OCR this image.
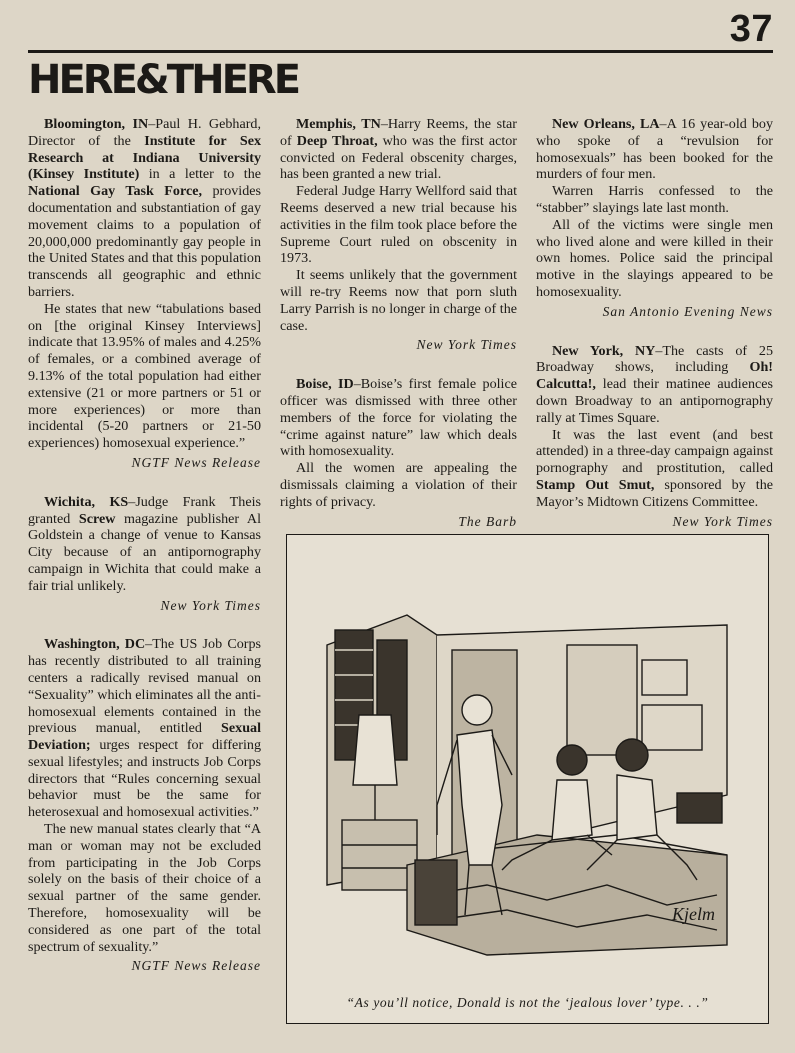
37
HERE&THERE

Bloomington, IN–Paul H. Gebhard, Director of the Institute for Sex Research at Indiana University (Kinsey Institute) in a letter to the National Gay Task Force, provides documentation and substantiation of gay movement claims to a population of 20,000,000 predominantly gay people in the United States and that this population transcends all geographic and ethnic barriers.

He states that new “tabulations based on [the original Kinsey Interviews] indicate that 13.95% of males and 4.25% of females, or a combined average of 9.13% of the total population had either extensive (21 or more partners or 51 or more experiences) or more than incidental (5-20 partners or 21-50 experiences) homosexual experience.”

NGTF News Release

Wichita, KS–Judge Frank Theis granted Screw magazine publisher Al Goldstein a change of venue to Kansas City because of an antipornography campaign in Wichita that could make a fair trial unlikely.

New York Times

Washington, DC–The US Job Corps has recently distributed to all training centers a radically revised manual on “Sexuality” which eliminates all the anti-homosexual elements contained in the previous manual, entitled Sexual Deviation; urges respect for differing sexual lifestyles; and instructs Job Corps directors that “Rules concerning sexual behavior must be the same for heterosexual and homosexual activities.”

The new manual states clearly that “A man or woman may not be excluded from participating in the Job Corps solely on the basis of their choice of a sexual partner of the same gender. Therefore, homosexuality will be considered as one part of the total spectrum of sexuality.”

NGTF News Release

Memphis, TN–Harry Reems, the star of Deep Throat, who was the first actor convicted on Federal obscenity charges, has been granted a new trial.

Federal Judge Harry Wellford said that Reems deserved a new trial because his activities in the film took place before the Supreme Court ruled on obscenity in 1973.

It seems unlikely that the government will re-try Reems now that porn sluth Larry Parrish is no longer in charge of the case.

New York Times

Boise, ID–Boise’s first female police officer was dismissed with three other members of the force for violating the “crime against nature” law which deals with homosexuality.

All the women are appealing the dismissals claiming a violation of their rights of privacy.

The Barb

New Orleans, LA–A 16 year-old boy who spoke of a “revulsion for homosexuals” has been booked for the murders of four men.

Warren Harris confessed to the “stabber” slayings late last month.

All of the victims were single men who lived alone and were killed in their own homes. Police said the principal motive in the slayings appeared to be homosexuality.

San Antonio Evening News

New York, NY–The casts of 25 Broadway shows, including Oh! Calcutta!, lead their matinee audiences down Broadway to an antipornography rally at Times Square.

It was the last event (and best attended) in a three-day campaign against pornography and prostitution, called Stamp Out Smut, sponsored by the Mayor’s Midtown Citizens Committee.

New York Times
Kjelm
“As you’ll notice, Donald is not the ‘jealous lover’ type. . .”
